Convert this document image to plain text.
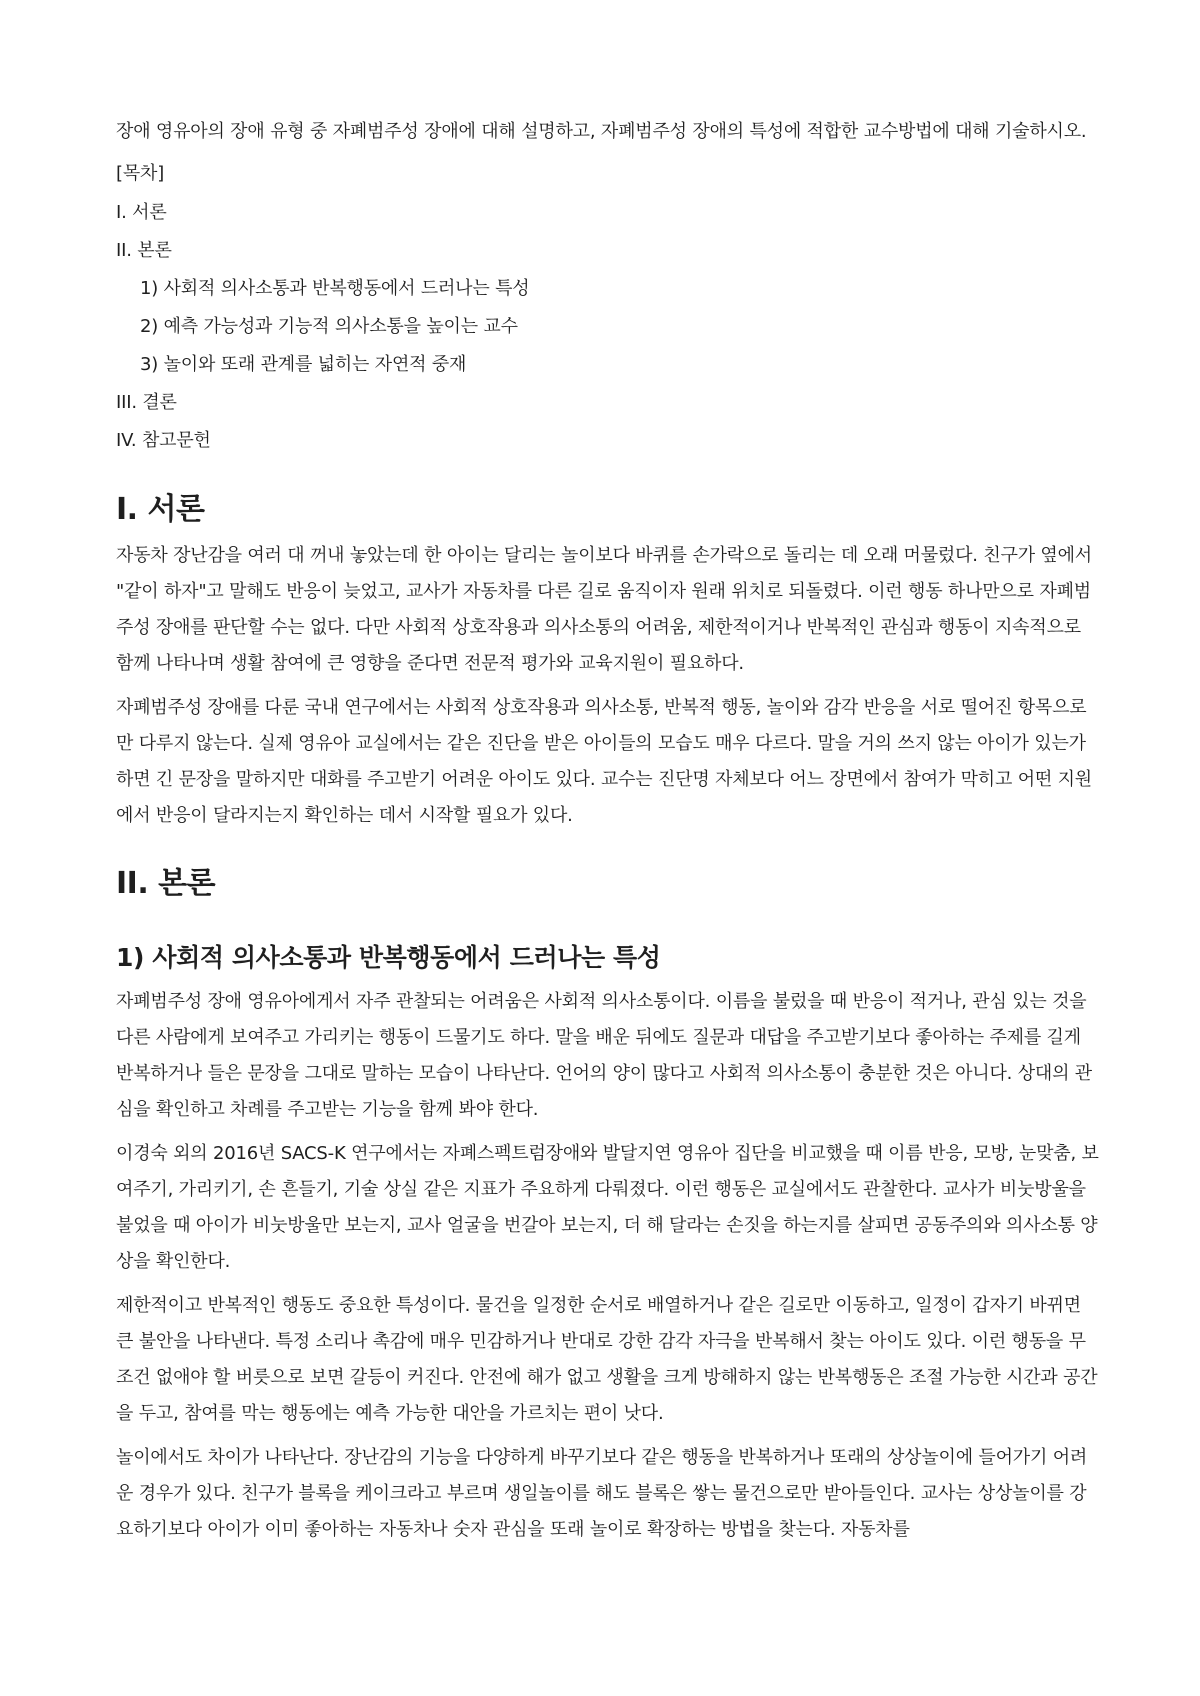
장애 영유아의 장애 유형 중 자폐범주성 장애에 대해 설명하고, 자폐범주성 장애의 특성에 적합한 교수방법에 대해 기술하시오.

[목차]

I. 서론

II. 본론

1) 사회적 의사소통과 반복행동에서 드러나는 특성

2) 예측 가능성과 기능적 의사소통을 높이는 교수

3) 놀이와 또래 관계를 넓히는 자연적 중재

III. 결론

IV. 참고문헌

I. 서론

자동차 장난감을 여러 대 꺼내 놓았는데 한 아이는 달리는 놀이보다 바퀴를 손가락으로 돌리는 데 오래 머물렀다. 친구가 옆에서 "같이 하자"고 말해도 반응이 늦었고, 교사가 자동차를 다른 길로 움직이자 원래 위치로 되돌렸다. 이런 행동 하나만으로 자폐범주성 장애를 판단할 수는 없다. 다만 사회적 상호작용과 의사소통의 어려움, 제한적이거나 반복적인 관심과 행동이 지속적으로 함께 나타나며 생활 참여에 큰 영향을 준다면 전문적 평가와 교육지원이 필요하다.

자폐범주성 장애를 다룬 국내 연구에서는 사회적 상호작용과 의사소통, 반복적 행동, 놀이와 감각 반응을 서로 떨어진 항목으로만 다루지 않는다. 실제 영유아 교실에서는 같은 진단을 받은 아이들의 모습도 매우 다르다. 말을 거의 쓰지 않는 아이가 있는가 하면 긴 문장을 말하지만 대화를 주고받기 어려운 아이도 있다. 교수는 진단명 자체보다 어느 장면에서 참여가 막히고 어떤 지원에서 반응이 달라지는지 확인하는 데서 시작할 필요가 있다.

II. 본론
1) 사회적 의사소통과 반복행동에서 드러나는 특성

자폐범주성 장애 영유아에게서 자주 관찰되는 어려움은 사회적 의사소통이다. 이름을 불렀을 때 반응이 적거나, 관심 있는 것을 다른 사람에게 보여주고 가리키는 행동이 드물기도 하다. 말을 배운 뒤에도 질문과 대답을 주고받기보다 좋아하는 주제를 길게 반복하거나 들은 문장을 그대로 말하는 모습이 나타난다. 언어의 양이 많다고 사회적 의사소통이 충분한 것은 아니다. 상대의 관심을 확인하고 차례를 주고받는 기능을 함께 봐야 한다.

이경숙 외의 2016년 SACS-K 연구에서는 자폐스펙트럼장애와 발달지연 영유아 집단을 비교했을 때 이름 반응, 모방, 눈맞춤, 보여주기, 가리키기, 손 흔들기, 기술 상실 같은 지표가 주요하게 다뤄졌다. 이런 행동은 교실에서도 관찰한다. 교사가 비눗방울을 불었을 때 아이가 비눗방울만 보는지, 교사 얼굴을 번갈아 보는지, 더 해 달라는 손짓을 하는지를 살피면 공동주의와 의사소통 양상을 확인한다.

제한적이고 반복적인 행동도 중요한 특성이다. 물건을 일정한 순서로 배열하거나 같은 길로만 이동하고, 일정이 갑자기 바뀌면 큰 불안을 나타낸다. 특정 소리나 촉감에 매우 민감하거나 반대로 강한 감각 자극을 반복해서 찾는 아이도 있다. 이런 행동을 무조건 없애야 할 버릇으로 보면 갈등이 커진다. 안전에 해가 없고 생활을 크게 방해하지 않는 반복행동은 조절 가능한 시간과 공간을 두고, 참여를 막는 행동에는 예측 가능한 대안을 가르치는 편이 낫다.

놀이에서도 차이가 나타난다. 장난감의 기능을 다양하게 바꾸기보다 같은 행동을 반복하거나 또래의 상상놀이에 들어가기 어려운 경우가 있다. 친구가 블록을 케이크라고 부르며 생일놀이를 해도 블록은 쌓는 물건으로만 받아들인다. 교사는 상상놀이를 강요하기보다 아이가 이미 좋아하는 자동차나 숫자 관심을 또래 놀이로 확장하는 방법을 찾는다. 자동차를
